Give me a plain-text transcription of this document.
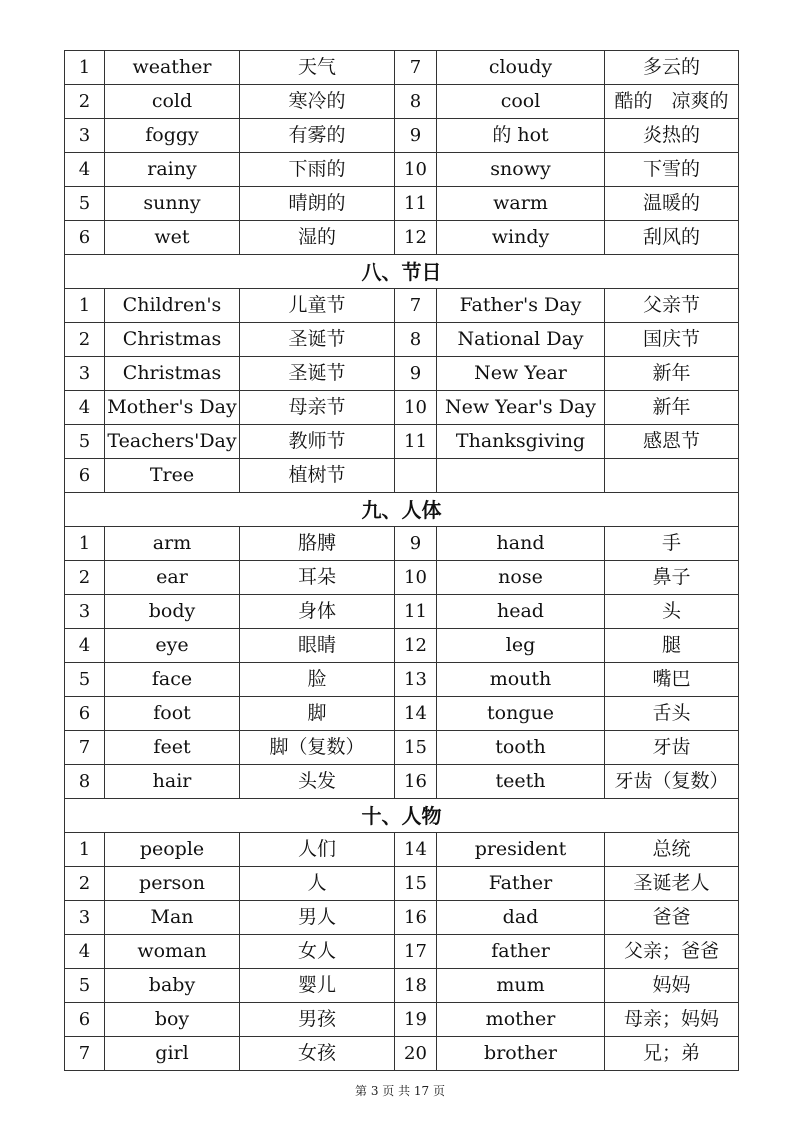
1	weather	天气	7	cloudy	多云的
2	cold	寒冷的	8	cool	酷的　凉爽的
3	foggy	有雾的	9	的 hot	炎热的
4	rainy	下雨的	10	snowy	下雪的
5	sunny	晴朗的	11	warm	温暖的
6	wet	湿的	12	windy	刮风的
八、节日					
1	Children's	儿童节	7	Father's Day	父亲节
2	Christmas	圣诞节	8	National Day	国庆节
3	Christmas	圣诞节	9	New Year	新年
4	Mother's Day	母亲节	10	New Year's Day	新年
5	Teachers'Day	教师节	11	Thanksgiving	感恩节
6	Tree	植树节			
九、人体					
1	arm	胳膊	9	hand	手
2	ear	耳朵	10	nose	鼻子
3	body	身体	11	head	头
4	eye	眼睛	12	leg	腿
5	face	脸	13	mouth	嘴巴
6	foot	脚	14	tongue	舌头
7	feet	脚（复数）	15	tooth	牙齿
8	hair	头发	16	teeth	牙齿（复数）
十、人物					
1	people	人们	14	president	总统
2	person	人	15	Father	圣诞老人
3	Man	男人	16	dad	爸爸
4	woman	女人	17	father	父亲；爸爸
5	baby	婴儿	18	mum	妈妈
6	boy	男孩	19	mother	母亲；妈妈
7	girl	女孩	20	brother	兄；弟
第 3 页 共 17 页
